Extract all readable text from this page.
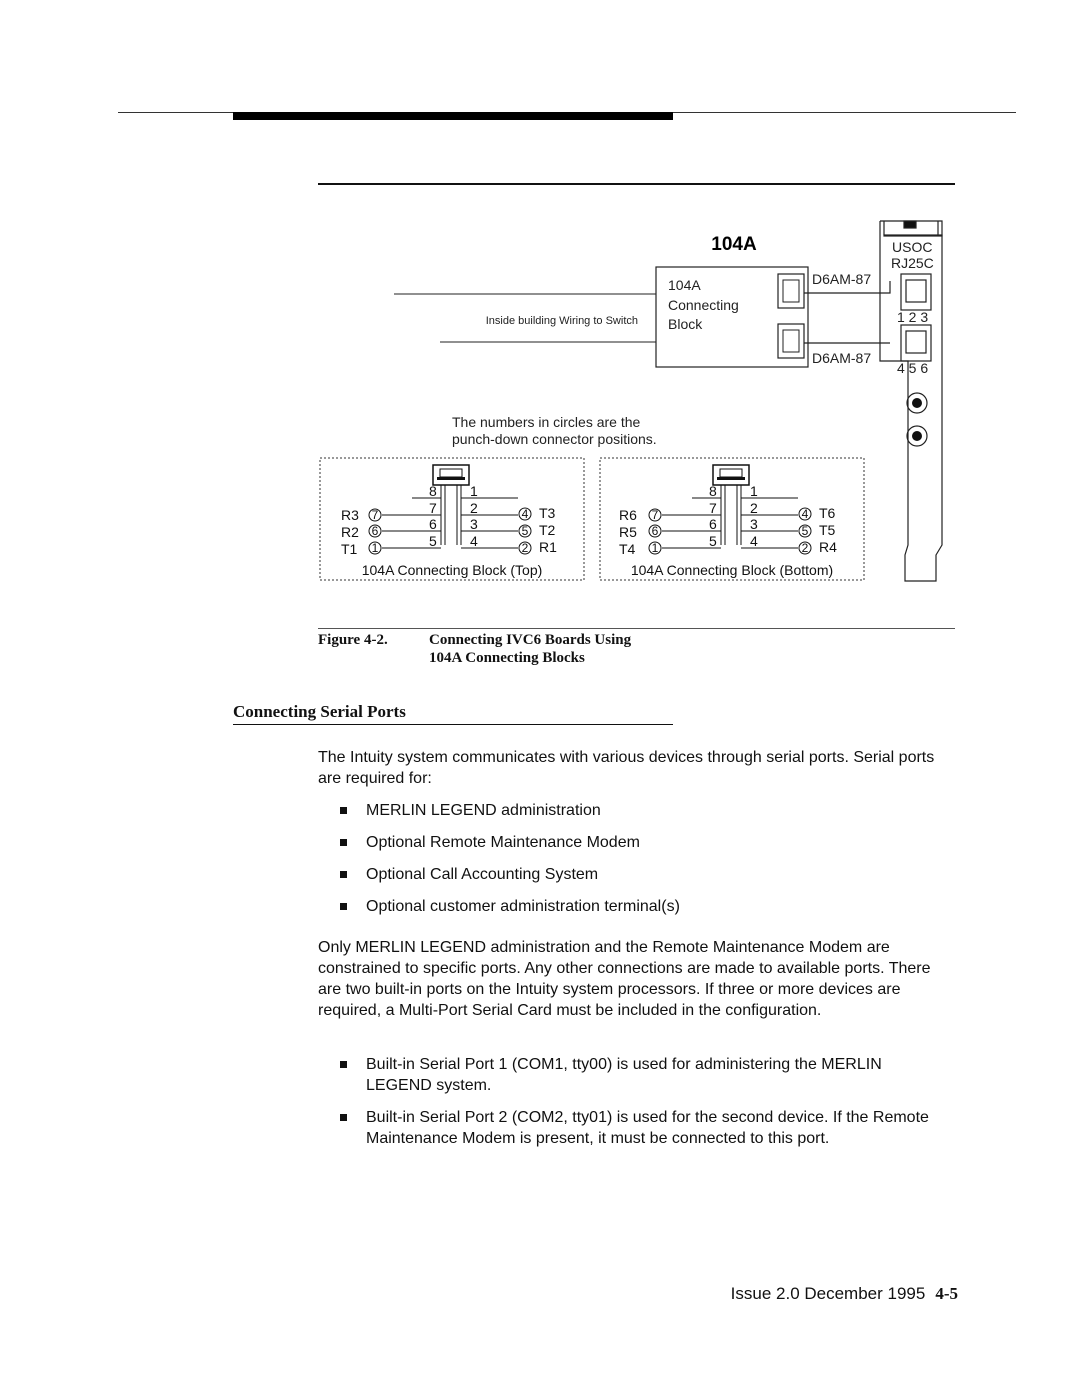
104A
Inside building Wiring to Switch
104A
Connecting
Block
D6AM-87
D6AM-87
USOC
RJ25C
1 2 3
4 5 6
The numbers in circles are the
punch-down connector positions.
8
7
6
5
1
2
3
4
R3
R2
T1
T3
T2
R1
7
6
1
4
5
2
104A Connecting Block (Top)
8
7
6
5
1
2
3
4
R6
R5
T4
T6
T5
R4
7
6
1
4
5
2
104A Connecting Block (Bottom)
Figure 4-2.	Connecting IVC6 Boards Using
104A Connecting Blocks
Connecting Serial Ports
The Intuity system communicates with various devices through serial ports. Serial ports are required for:
MERLIN LEGEND administration
Optional Remote Maintenance Modem
Optional Call Accounting System
Optional customer administration terminal(s)
Only MERLIN LEGEND administration and the Remote Maintenance Modem are constrained to specific ports. Any other connections are made to available ports. There are two built-in ports on the Intuity system processors. If three or more devices are required, a Multi-Port Serial Card must be included in the configuration.
Built-in Serial Port 1 (COM1, tty00) is used for administering the MERLIN LEGEND system.
Built-in Serial Port 2 (COM2, tty01) is used for the second device. If the Remote Maintenance Modem is present, it must be connected to this port.
Issue 2.0 December 1995 4-5
